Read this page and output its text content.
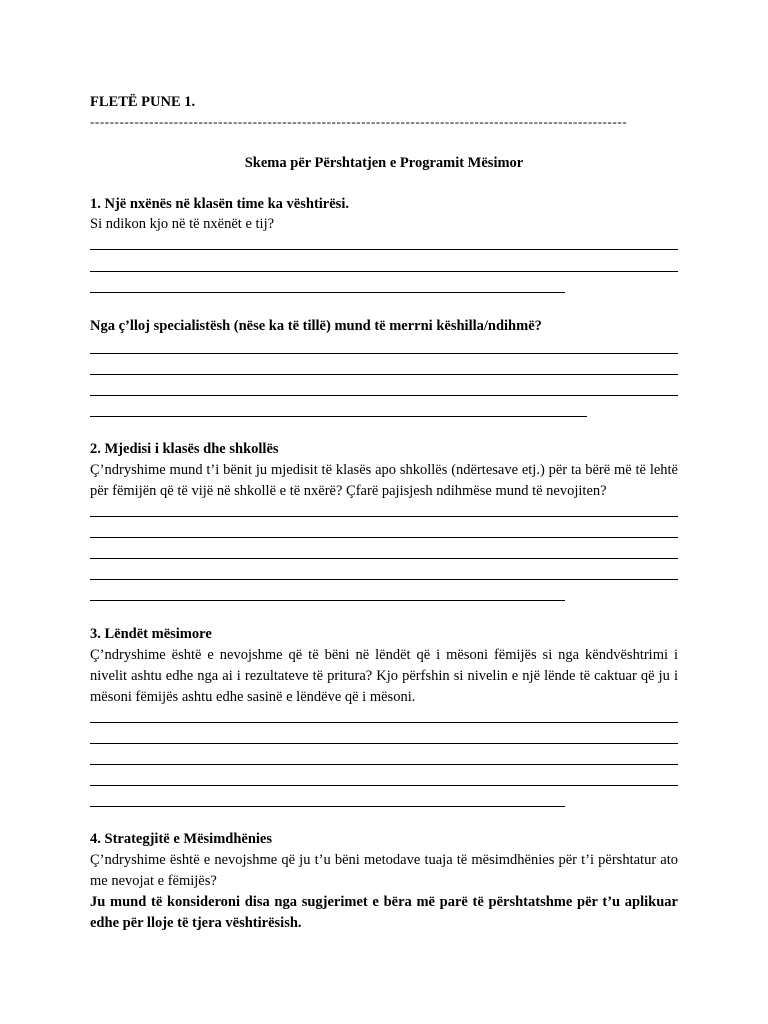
FLETË PUNE 1.
-------------------------------------------------------------------------------------------------------------
Skema për Përshtatjen e Programit Mësimor
1. Një nxënës në klasën time ka vështirësi.
Si ndikon kjo në të nxënët e tij?
Nga ç’lloj specialistësh (nëse ka të tillë) mund të merrni këshilla/ndihmë?
2. Mjedisi i klasës dhe shkollës
Ç’ndryshime mund t’i bënit ju mjedisit të klasës apo shkollës (ndërtesave etj.) për ta bërë më të lehtë për fëmijën që të vijë në shkollë e të nxërë? Çfarë pajisjesh ndihmëse mund të nevojiten?
3. Lëndët mësimore
Ç’ndryshime është e nevojshme që të bëni në lëndët që i mësoni fëmijës si nga këndvështrimi i nivelit ashtu edhe nga ai i rezultateve të pritura? Kjo përfshin si nivelin e një lënde të caktuar që ju i mësoni fëmijës ashtu edhe sasinë e lëndëve që i mësoni.
4. Strategjitë e Mësimdhënies
Ç’ndryshime është e nevojshme që ju t’u bëni metodave tuaja të mësimdhënies për t’i përshtatur ato me nevojat e fëmijës?
Ju mund të konsideroni disa nga sugjerimet e bëra më parë të përshtatshme për t’u aplikuar edhe për lloje të tjera vështirësish.
